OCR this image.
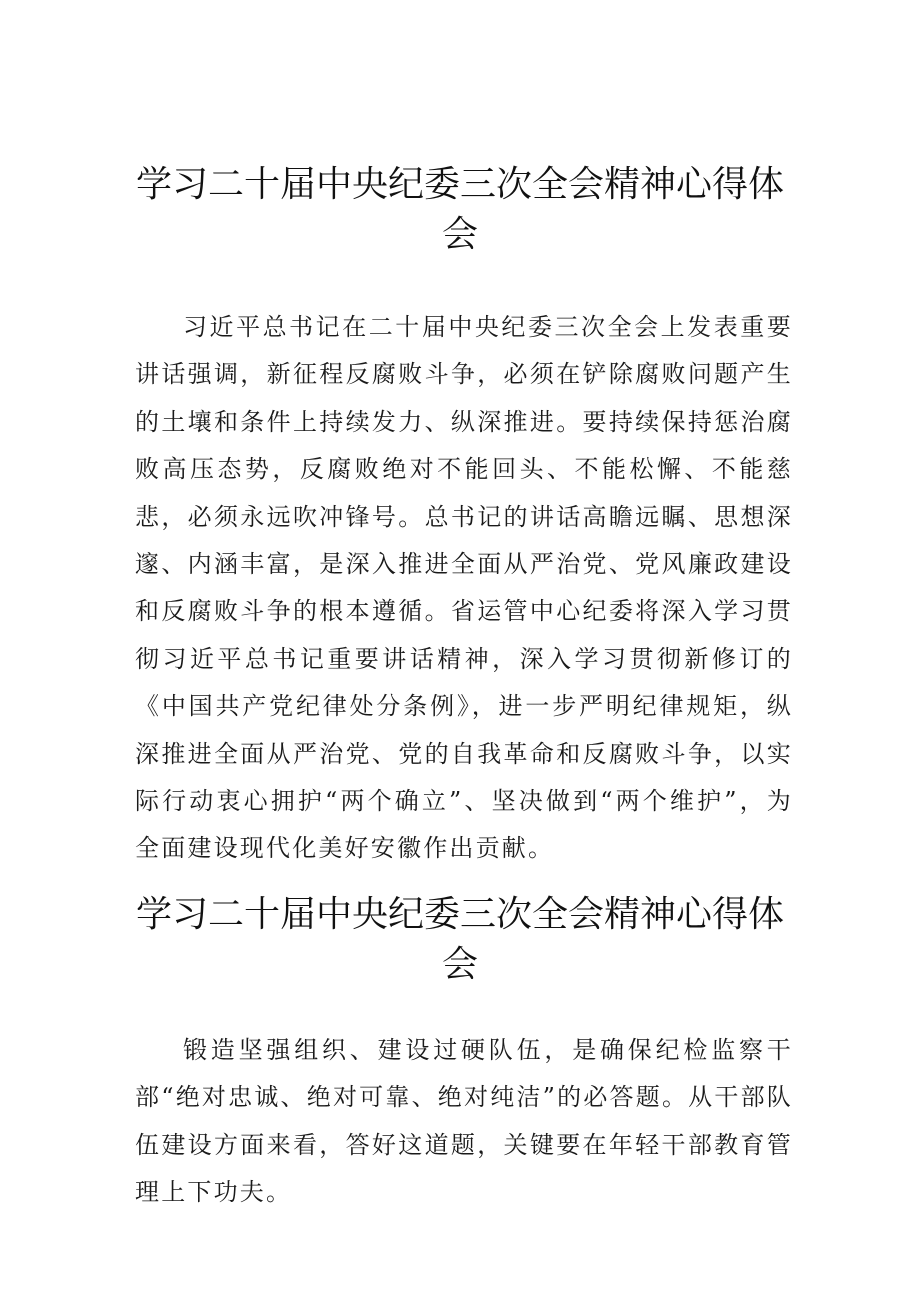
学习二十届中央纪委三次全会精神心得体会

习近平总书记在二十届中央纪委三次全会上发表重要讲话强调，新征程反腐败斗争，必须在铲除腐败问题产生的土壤和条件上持续发力、纵深推进。要持续保持惩治腐败高压态势，反腐败绝对不能回头、不能松懈、不能慈悲，必须永远吹冲锋号。总书记的讲话高瞻远瞩、思想深邃、内涵丰富，是深入推进全面从严治党、党风廉政建设和反腐败斗争的根本遵循。省运管中心纪委将深入学习贯彻习近平总书记重要讲话精神，深入学习贯彻新修订的《中国共产党纪律处分条例》，进一步严明纪律规矩，纵深推进全面从严治党、党的自我革命和反腐败斗争，以实际行动衷心拥护“两个确立”、坚决做到“两个维护”，为全面建设现代化美好安徽作出贡献。

学习二十届中央纪委三次全会精神心得体会

锻造坚强组织、建设过硬队伍，是确保纪检监察干部“绝对忠诚、绝对可靠、绝对纯洁”的必答题。从干部队伍建设方面来看，答好这道题，关键要在年轻干部教育管理上下功夫。
